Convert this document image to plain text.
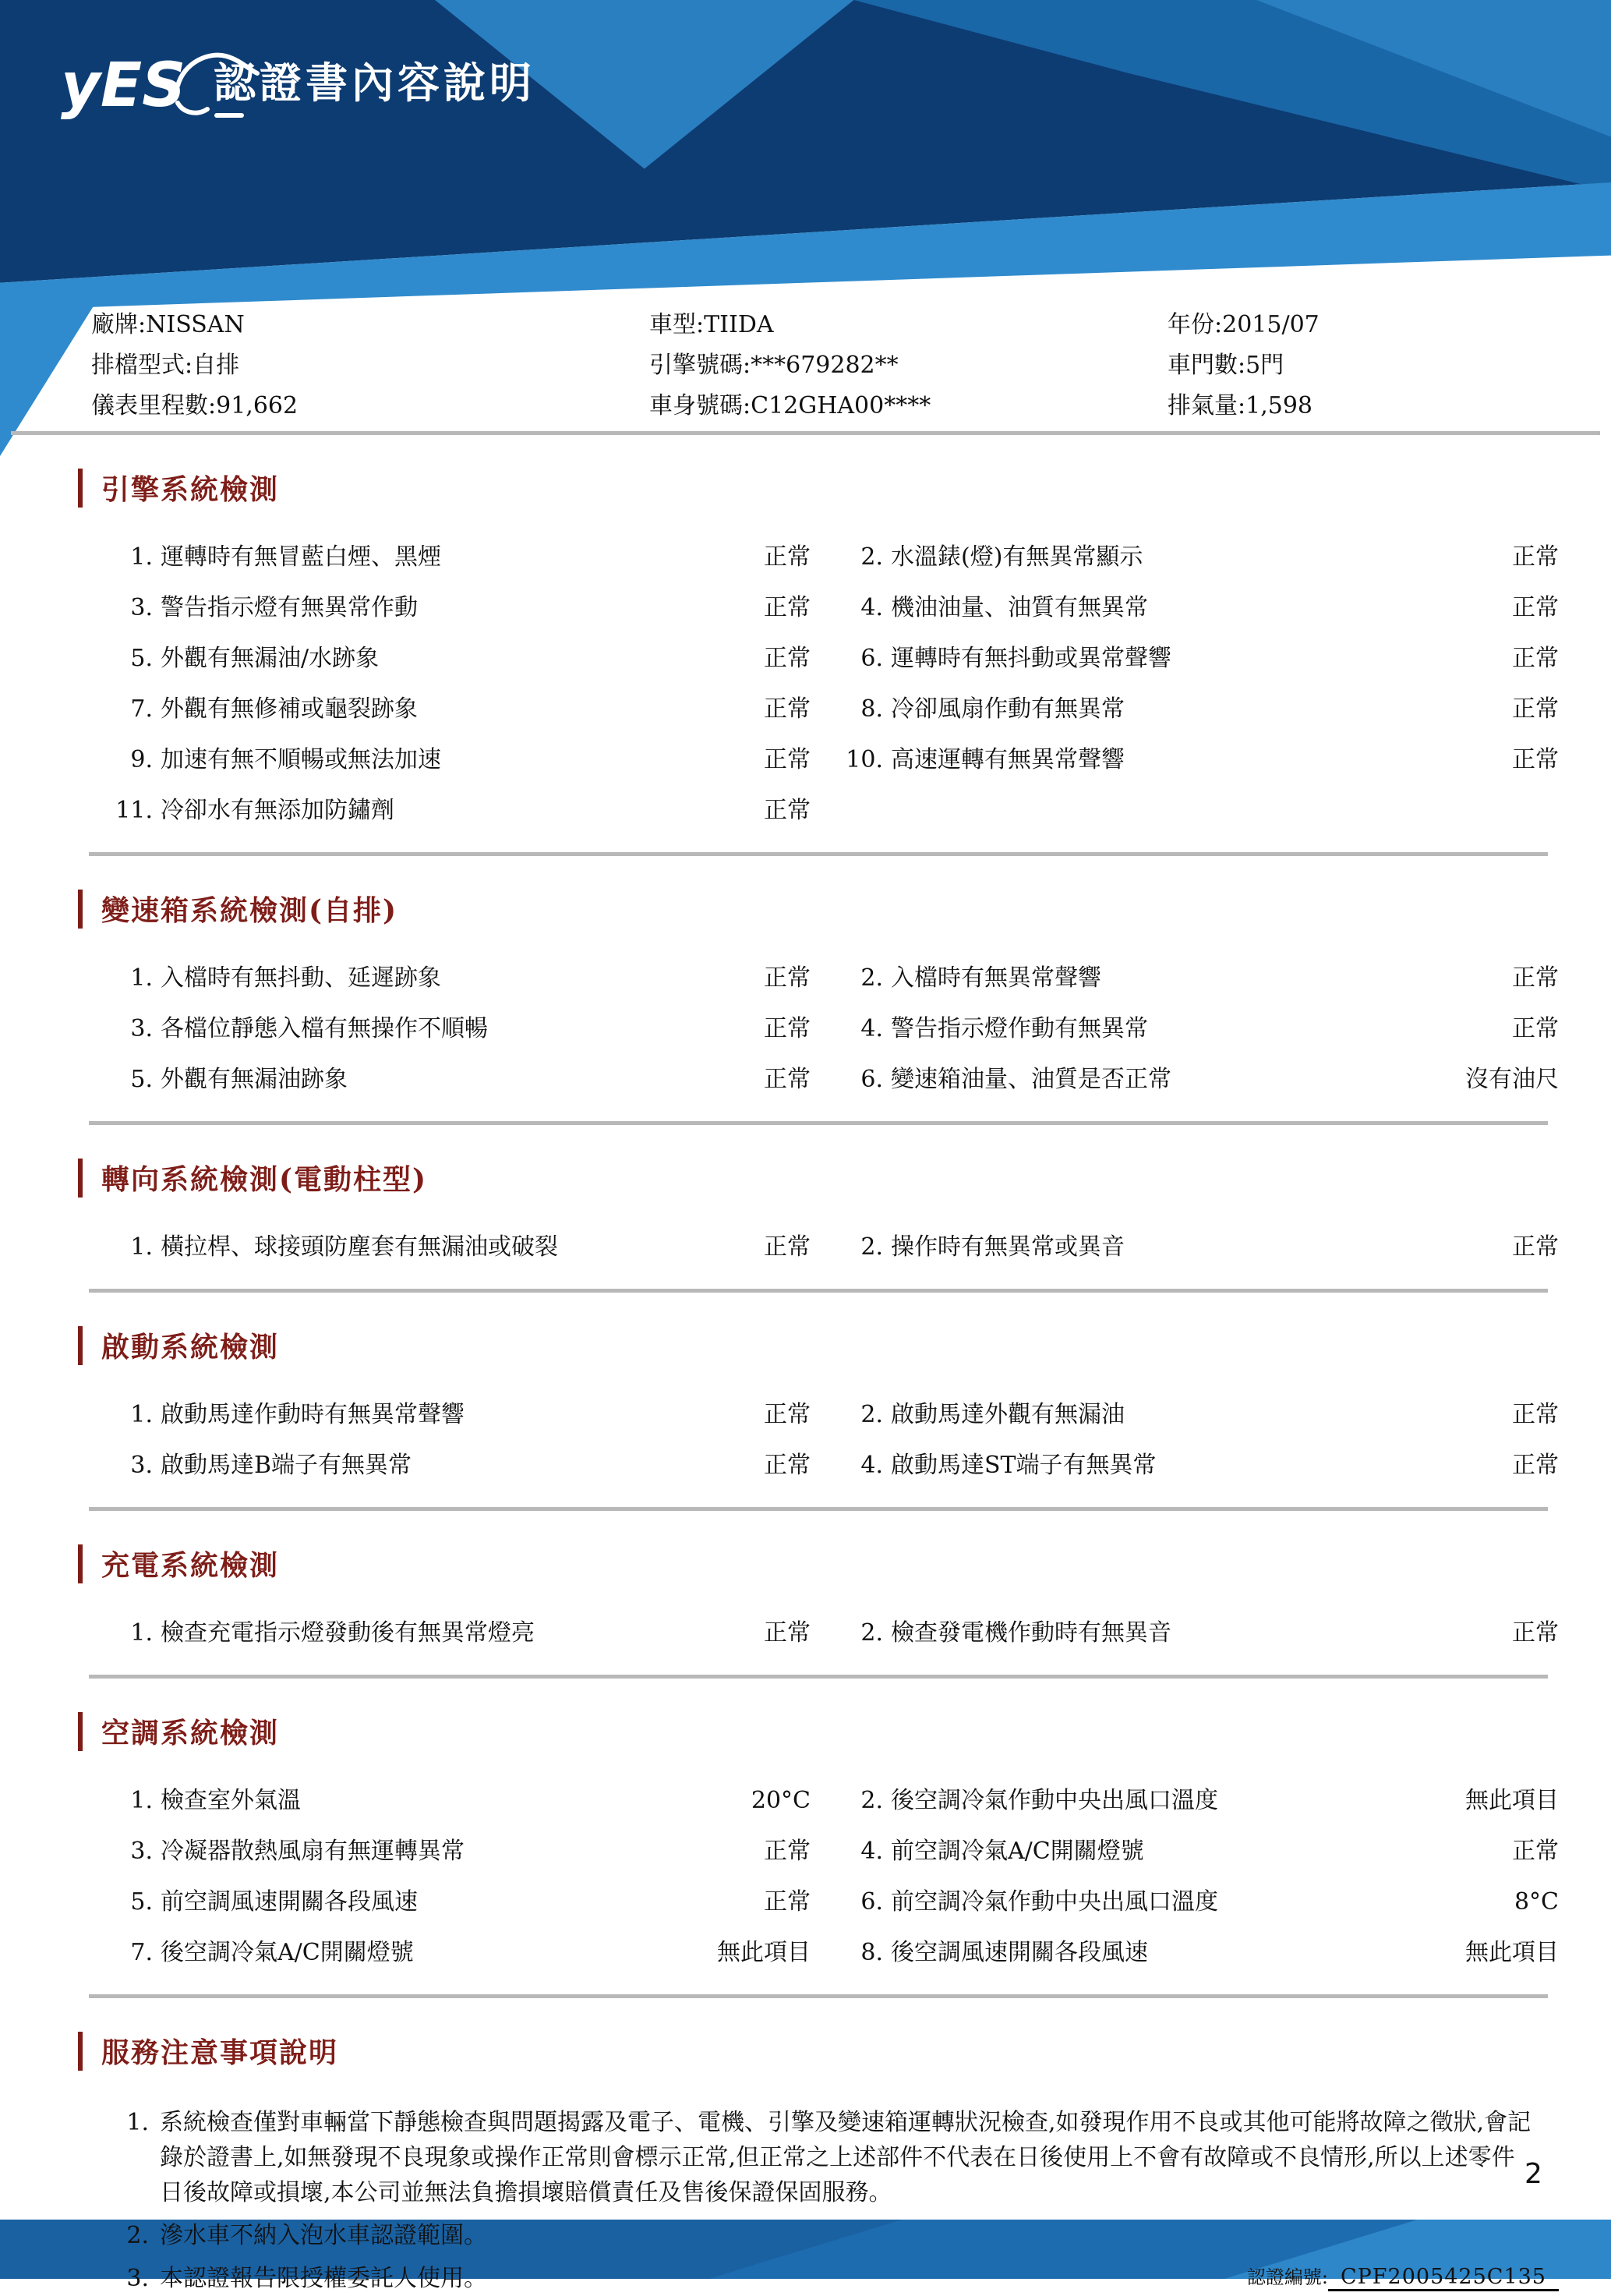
yES 認證書內容說明
廠牌:NISSAN	車型:TIIDA	年份:2015/07
排檔型式:自排	引擎號碼:***679282**	車門數:5門
儀表里程數:91,662	車身號碼:C12GHA00****	排氣量:1,598
引擎系統檢測
1. 運轉時有無冒藍白煙、黑煙	正常	2. 水溫錶(燈)有無異常顯示	正常
3. 警告指示燈有無異常作動	正常	4. 機油油量、油質有無異常	正常
5. 外觀有無漏油/水跡象	正常	6. 運轉時有無抖動或異常聲響	正常
7. 外觀有無修補或龜裂跡象	正常	8. 冷卻風扇作動有無異常	正常
9. 加速有無不順暢或無法加速	正常	10. 高速運轉有無異常聲響	正常
11. 冷卻水有無添加防鏽劑	正常
變速箱系統檢測(自排)
1. 入檔時有無抖動、延遲跡象	正常	2. 入檔時有無異常聲響	正常
3. 各檔位靜態入檔有無操作不順暢	正常	4. 警告指示燈作動有無異常	正常
5. 外觀有無漏油跡象	正常	6. 變速箱油量、油質是否正常	沒有油尺
轉向系統檢測(電動柱型)
1. 橫拉桿、球接頭防塵套有無漏油或破裂	正常	2. 操作時有無異常或異音	正常
啟動系統檢測
1. 啟動馬達作動時有無異常聲響	正常	2. 啟動馬達外觀有無漏油	正常
3. 啟動馬達B端子有無異常	正常	4. 啟動馬達ST端子有無異常	正常
充電系統檢測
1. 檢查充電指示燈發動後有無異常燈亮	正常	2. 檢查發電機作動時有無異音	正常
空調系統檢測
1. 檢查室外氣溫	20°C	2. 後空調冷氣作動中央出風口溫度	無此項目
3. 冷凝器散熱風扇有無運轉異常	正常	4. 前空調冷氣A/C開關燈號	正常
5. 前空調風速開關各段風速	正常	6. 前空調冷氣作動中央出風口溫度	8°C
7. 後空調冷氣A/C開關燈號	無此項目	8. 後空調風速開關各段風速	無此項目
服務注意事項說明
1. 系統檢查僅對車輛當下靜態檢查與問題揭露及電子、電機、引擎及變速箱運轉狀況檢查,如發現作用不良或其他可能將故障之徵狀,會記錄於證書上,如無發現不良現象或操作正常則會標示正常,但正常之上述部件不代表在日後使用上不會有故障或不良情形,所以上述零件日後故障或損壞,本公司並無法負擔損壞賠償責任及售後保證保固服務。
2. 滲水車不納入泡水車認證範圍。
3. 本認證報告限授權委託人使用。	認證編號: CPF2005425C135
2
